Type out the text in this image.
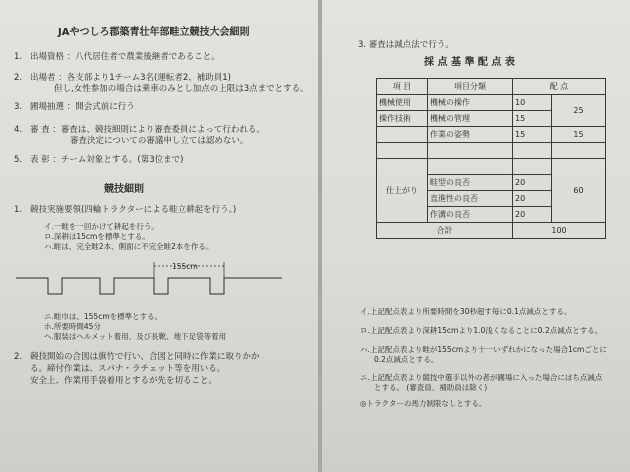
JAやつしろ郡築青壮年部畦立競技大会細則
1. 出場資格 ：八代居住者で農業後継者であること。
2. 出場者 ：各支部より1チーム3名(運転者2、補助員1)
但し,女性参加の場合は乗車のみとし加点の上限は3点までとする。
3. 圃場抽選 ：開会式前に行う
4. 審 査 ：審査は、競技細則により審査委員によって行われる。
審査決定についての審議申し立ては認めない。
5. 表 彰 ：チーム対象とする。(第3位まで)
競技細則
1. 競技実施要領(四輪トラクターによる畦立耕起を行う。)
イ.一畦を一回かけて耕起を行う。
ロ.深耕は15cmを標準とする。
ハ.畦は、完全畦2本、側面に不完全畦2本を作る。
155cm
ニ.畦巾は、155cmを標準とする。
ホ.所要時間45分
ヘ.服装はヘルメット着用、及び長靴、地下足袋等着用
2. 競技開始の合図は旗竹で行い、合図と同時に作業に取りかか
る。締付作業は、スパナ・ラチェット等を用いる。
安全上、作業用手袋着用とするが先を切ること。
3. 審査は減点法で行う。
採 点 基 準 配 点 表
項 目	項目分類	配 点	
機械使用	機械の操作	10	25
操作技術	機械の管理	15	
	作業の姿勢	15	15

仕上がり			60
	畦型の良否	20	
	直進性の良否	20	
	作溝の良否	20	
合計		100	
イ.上記配点表より所要時間を30秒超す毎に0.1点減点とする。
ロ.上記配点表より深耕15cmより1.0浅くなることに0.2点減点とする。
ハ.上記配点表より畦が155cmより十一いずれかになった場合1cmごとに
0.2点減点とする。
ニ.上記配点表より競技中選手以外の者が圃場に入った場合にはち点減点
とする。 (審査員、補助員は除く)
◎トラクターの馬力制限なしとする。
